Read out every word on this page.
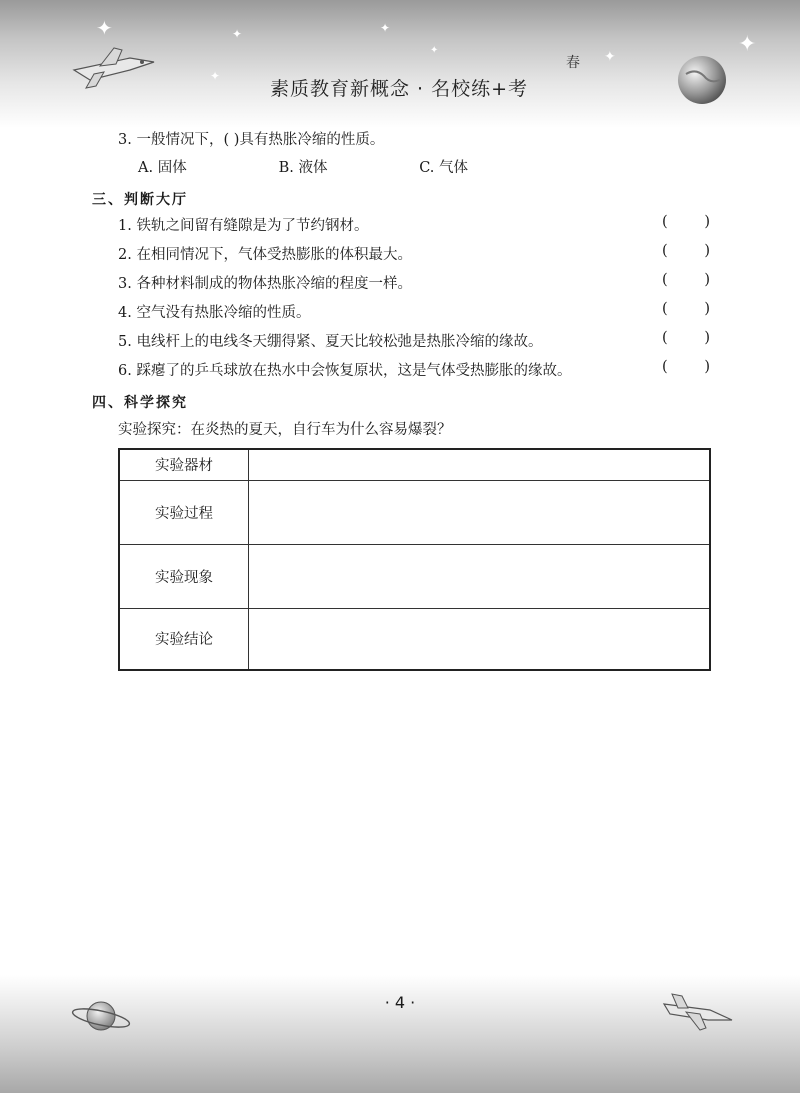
✦	✦	✦
✦
✦	✦
✦
素质教育新概念 · 名校练+考
春
3. 一般情况下，( )具有热胀冷缩的性质。
A. 固体	B. 液体	C. 气体
三、判断大厅
1. 铁轨之间留有缝隙是为了节约钢材。	(	)
2. 在相同情况下，气体受热膨胀的体积最大。	(	)
3. 各种材料制成的物体热胀冷缩的程度一样。	(	)
4. 空气没有热胀冷缩的性质。	(	)
5. 电线杆上的电线冬天绷得紧、夏天比较松弛是热胀冷缩的缘故。	(	)
6. 踩瘪了的乒乓球放在热水中会恢复原状，这是气体受热膨胀的缘故。	(	)
四、科学探究
实验探究：在炎热的夏天，自行车为什么容易爆裂？
实验器材	
实验过程	
实验现象	
实验结论	
· 4 ·
